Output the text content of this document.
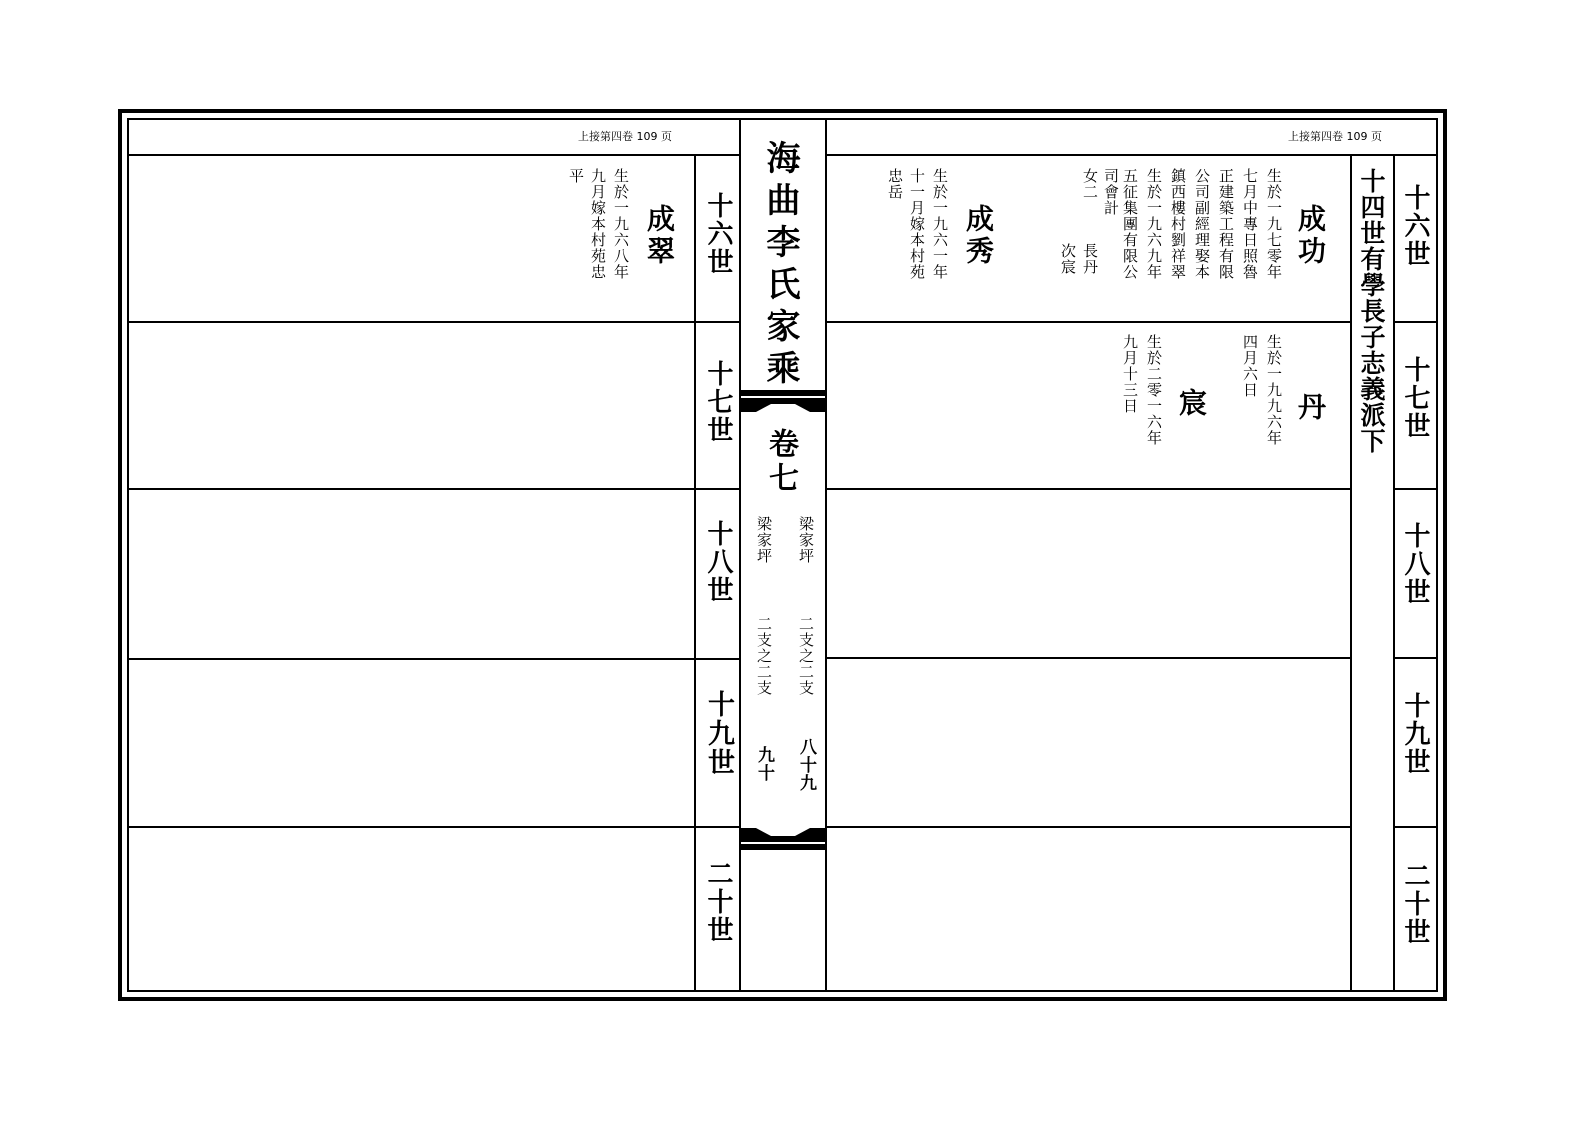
上接第四卷 109 页	上接第四卷 109 页
海曲李氏家乘
卷七
梁家坪
二支之二支
八十九
梁家坪
二支之二支
九十
十六世
十七世
十八世
十九世
二十世
十六世
十七世
十八世
十九世
二十世
十四世有學長子志義派下
成功
生於一九七零年
七月中專日照魯
正建築工程有限
公司副經理娶本
鎮西樓村劉祥翠
生於一九六九年
五征集團有限公
司會計
長丹
次宸
女二
成秀
生於一九六一年
十一月嫁本村苑
忠岳
丹
生於一九九六年
四月六日
宸
生於二零一六年
九月十三日
成翠
生於一九六八年
九月嫁本村苑忠
平
